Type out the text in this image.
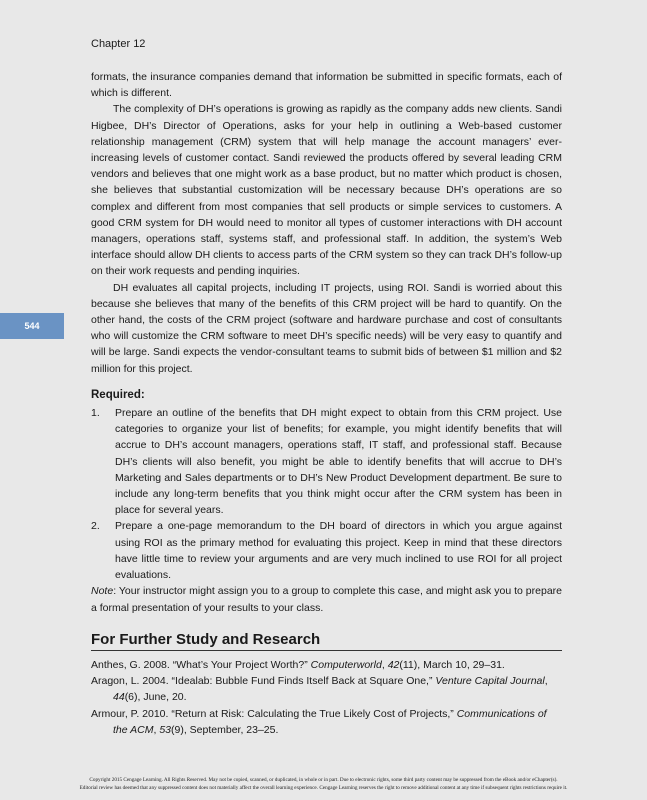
Chapter 12
544

formats, the insurance companies demand that information be submitted in specific formats, each of which is different.

The complexity of DH’s operations is growing as rapidly as the company adds new clients. Sandi Higbee, DH’s Director of Operations, asks for your help in outlining a Web-based customer relationship management (CRM) system that will help manage the account managers’ ever-increasing levels of customer contact. Sandi reviewed the products offered by several leading CRM vendors and believes that one might work as a base product, but no matter which product is chosen, she believes that substantial customization will be necessary because DH’s operations are so complex and different from most companies that sell products or simple services to customers. A good CRM system for DH would need to monitor all types of customer interactions with DH account managers, operations staff, systems staff, and professional staff. In addition, the system’s Web interface should allow DH clients to access parts of the CRM system so they can track DH’s follow-up on their work requests and pending inquiries.

DH evaluates all capital projects, including IT projects, using ROI. Sandi is worried about this because she believes that many of the benefits of this CRM project will be hard to quantify. On the other hand, the costs of the CRM project (software and hardware purchase and cost of consultants who will customize the CRM software to meet DH’s specific needs) will be very easy to quantify and will be large. Sandi expects the vendor-consultant teams to submit bids of between $1 million and $2 million for this project.

Required:
1.	Prepare an outline of the benefits that DH might expect to obtain from this CRM project. Use categories to organize your list of benefits; for example, you might identify benefits that will accrue to DH’s account managers, operations staff, IT staff, and professional staff. Because DH’s clients will also benefit, you might be able to identify benefits that will accrue to DH’s Marketing and Sales departments or to DH’s New Product Development department. Be sure to include any long-term benefits that you think might occur after the CRM system has been in place for several years.
2.	Prepare a one-page memorandum to the DH board of directors in which you argue against using ROI as the primary method for evaluating this project. Keep in mind that these directors have little time to review your arguments and are very much inclined to use ROI for all project evaluations.

Note: Your instructor might assign you to a group to complete this case, and might ask you to prepare a formal presentation of your results to your class.

For Further Study and Research

Anthes, G. 2008. “What’s Your Project Worth?” Computerworld, 42(11), March 10, 29–31.

Aragon, L. 2004. “Idealab: Bubble Fund Finds Itself Back at Square One,” Venture Capital Journal, 44(6), June, 20.

Armour, P. 2010. “Return at Risk: Calculating the True Likely Cost of Projects,” Communications of the ACM, 53(9), September, 23–25.

Copyright 2015 Cengage Learning. All Rights Reserved. May not be copied, scanned, or duplicated, in whole or in part. Due to electronic rights, some third party content may be suppressed from the eBook and/or eChapter(s).
Editorial review has deemed that any suppressed content does not materially affect the overall learning experience. Cengage Learning reserves the right to remove additional content at any time if subsequent rights restrictions require it.
